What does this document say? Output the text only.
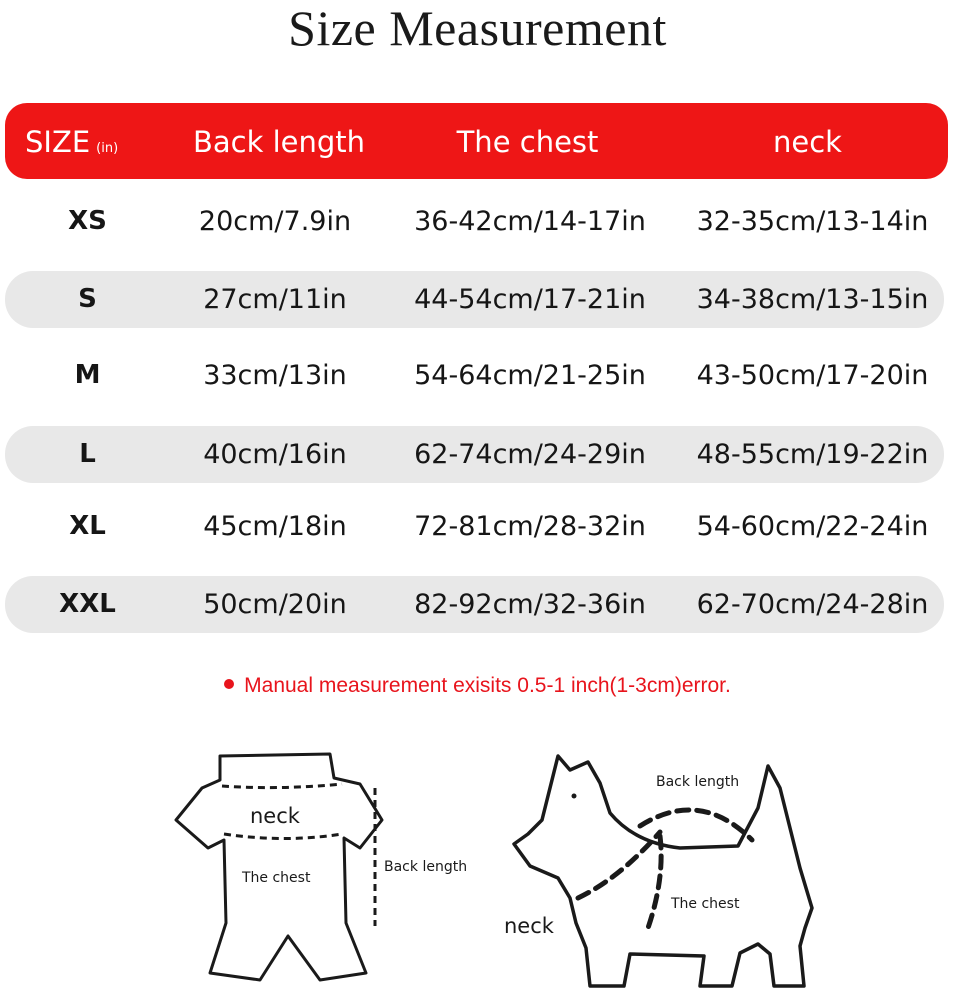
Size Measurement
SIZE (in)	Back length	The chest	neck
XS	20cm/7.9in	36-42cm/14-17in	32-35cm/13-14in
S	27cm/11in	44-54cm/17-21in	34-38cm/13-15in
M	33cm/13in	54-64cm/21-25in	43-50cm/17-20in
L	40cm/16in	62-74cm/24-29in	48-55cm/19-22in
XL	45cm/18in	72-81cm/28-32in	54-60cm/22-24in
XXL	50cm/20in	82-92cm/32-36in	62-70cm/24-28in
Manual measurement exisits 0.5-1 inch(1-3cm)error.
neck
The chest
Back length
Back length
The chest
neck
